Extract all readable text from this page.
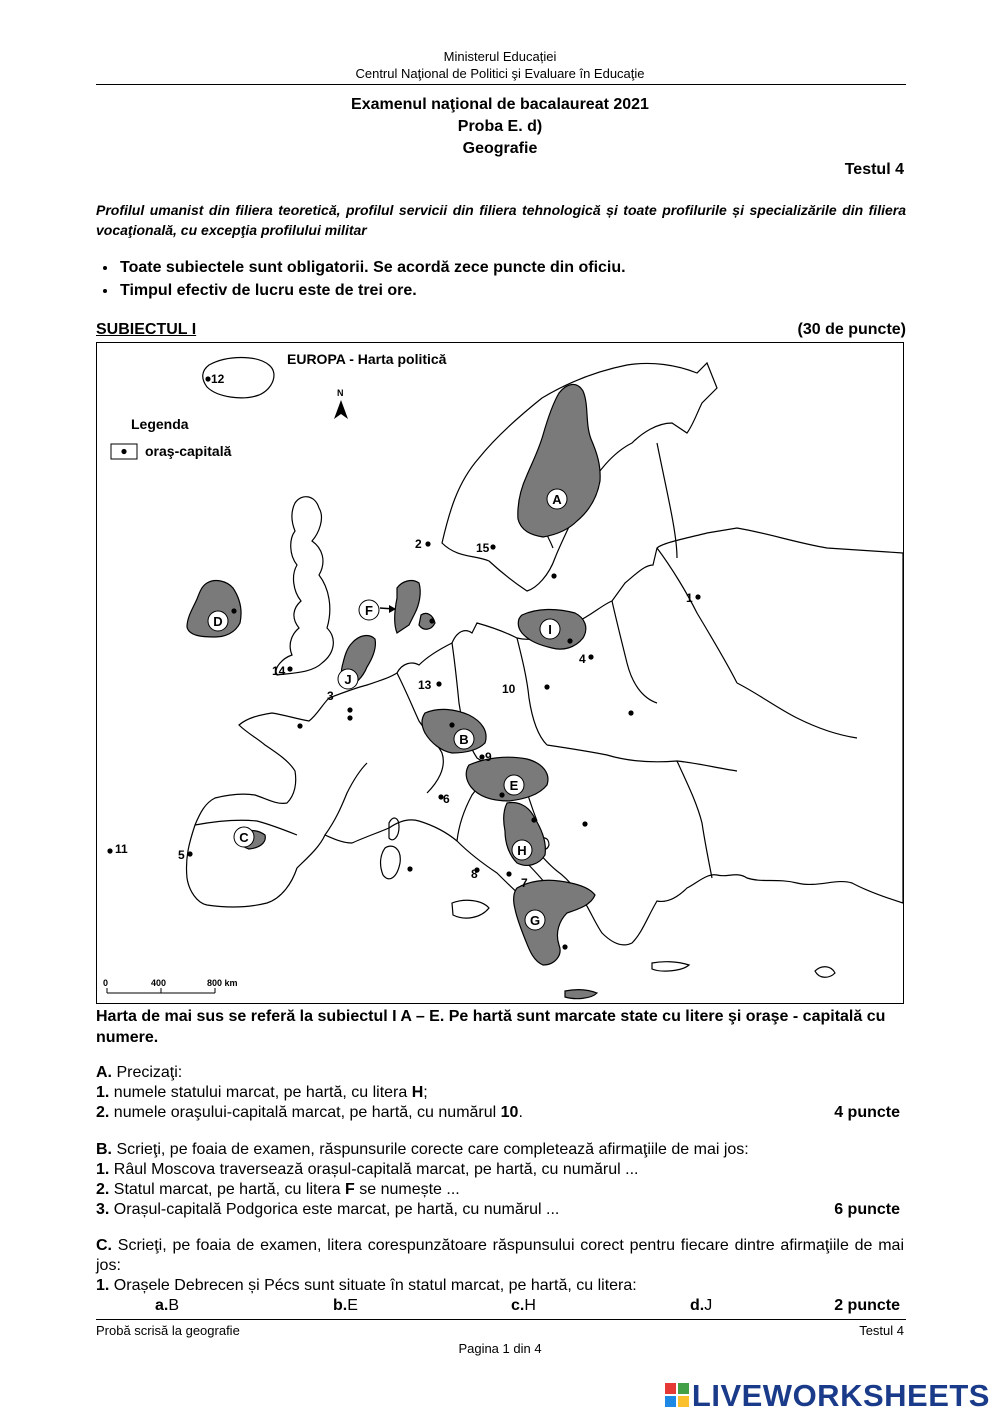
Ministerul Educației
Centrul Naţional de Politici şi Evaluare în Educaţie
Examenul naţional de bacalaureat 2021
Proba E. d)
Geografie
Testul 4
Profilul umanist din filiera teoretică, profilul servicii din filiera tehnologică și toate profilurile și specializările din filiera vocaţională, cu excepţia profilului militar
• Toate subiectele sunt obligatorii. Se acordă zece puncte din oficiu.
• Timpul efectiv de lucru este de trei ore.
SUBIECTUL I	(30 de puncte)
Legenda
oraş-capitală
EUROPA - Harta politică
N
0	400	800 km
A
B
C
D
E
F
G
H
I
J
1
2
3
4
5
6
7
8
9
10
11
12
13
14
15
Harta de mai sus se referă la subiectul I A – E. Pe hartă sunt marcate state cu litere şi oraşe - capitală cu numere.
A. Precizaţi:
1. numele statului marcat, pe hartă, cu litera H;
2. numele oraşului-capitală marcat, pe hartă, cu numărul 10.	4 puncte
B. Scrieţi, pe foaia de examen, răspunsurile corecte care completează afirmaţiile de mai jos:
1. Râul Moscova traversează orașul-capitală marcat, pe hartă, cu numărul ...
2. Statul marcat, pe hartă, cu litera F se numește ...
3. Orașul-capitală Podgorica este marcat, pe hartă, cu numărul ...	6 puncte
C. Scrieţi, pe foaia de examen, litera corespunzătoare răspunsului corect pentru fiecare dintre afirmaţiile de mai jos:
1. Orașele Debrecen și Pécs sunt situate în statul marcat, pe hartă, cu litera:
a. B	b. E	c. H	d. J	2 puncte
Probă scrisă la geografie	Testul 4
Pagina 1 din 4
LIVEWORKSHEETS
